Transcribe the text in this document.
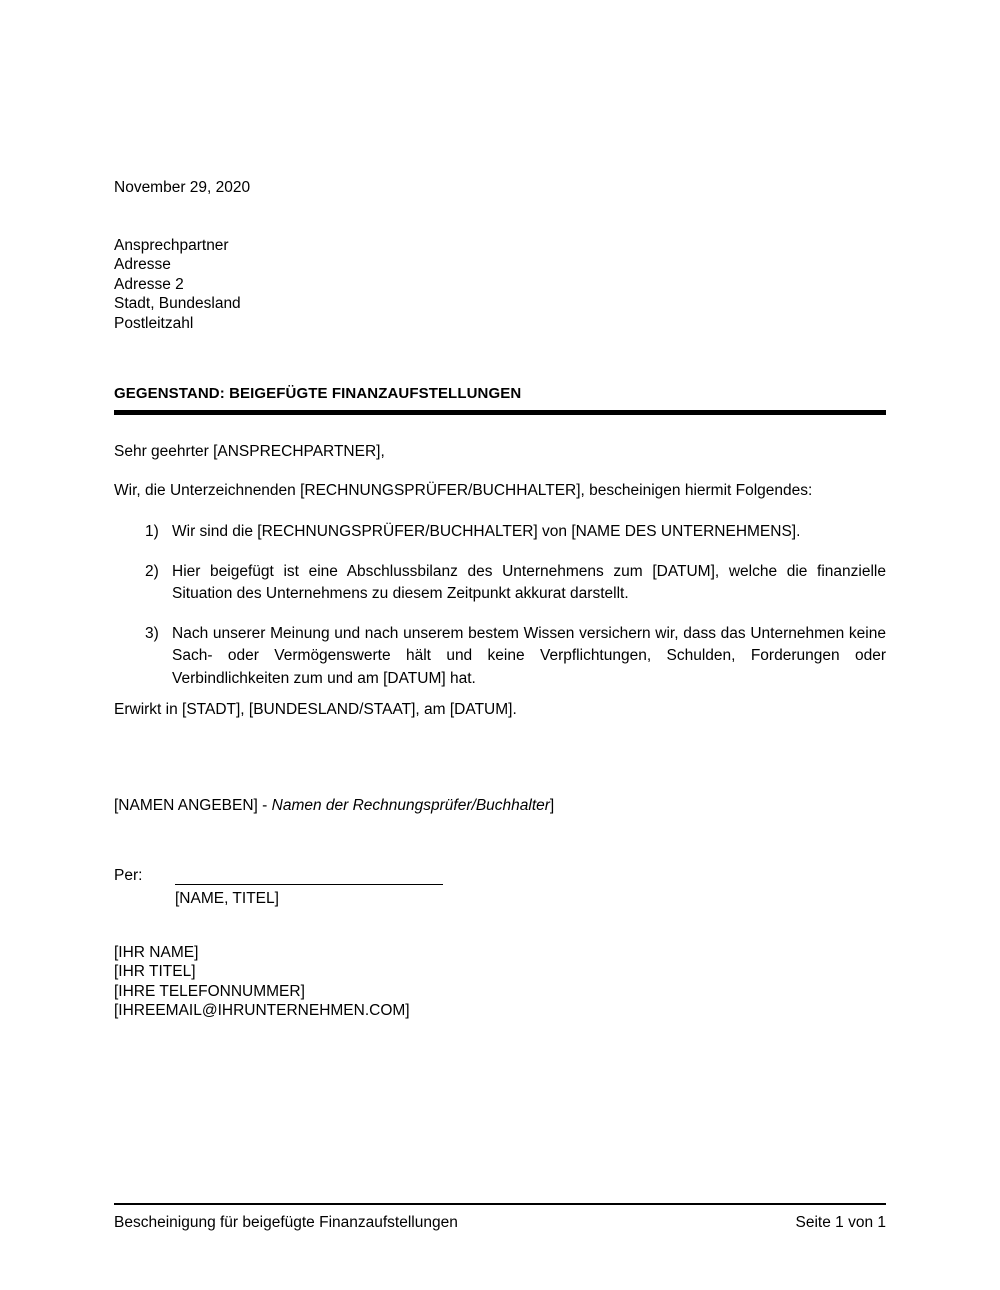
November 29, 2020
Ansprechpartner
Adresse
Adresse 2
Stadt, Bundesland
Postleitzahl
GEGENSTAND: BEIGEFÜGTE FINANZAUFSTELLUNGEN
Sehr geehrter [ANSPRECHPARTNER],
Wir, die Unterzeichnenden [RECHNUNGSPRÜFER/BUCHHALTER], bescheinigen hiermit Folgendes:
1) Wir sind die [RECHNUNGSPRÜFER/BUCHHALTER] von [NAME DES UNTERNEHMENS].
2) Hier beigefügt ist eine Abschlussbilanz des Unternehmens zum [DATUM], welche die finanzielle Situation des Unternehmens zu diesem Zeitpunkt akkurat darstellt.
3) Nach unserer Meinung und nach unserem bestem Wissen versichern wir, dass das Unternehmen keine Sach- oder Vermögenswerte hält und keine Verpflichtungen, Schulden, Forderungen oder Verbindlichkeiten zum und am [DATUM] hat.
Erwirkt in [STADT], [BUNDESLAND/STAAT], am [DATUM].
[NAMEN ANGEBEN] - Namen der Rechnungsprüfer/Buchhalter]
Per:
[NAME, TITEL]
[IHR NAME]
[IHR TITEL]
[IHRE TELEFONNUMMER]
[IHREEMAIL@IHRUNTERNEHMEN.COM]
Bescheinigung für beigefügte Finanzaufstellungen	Seite 1 von 1
